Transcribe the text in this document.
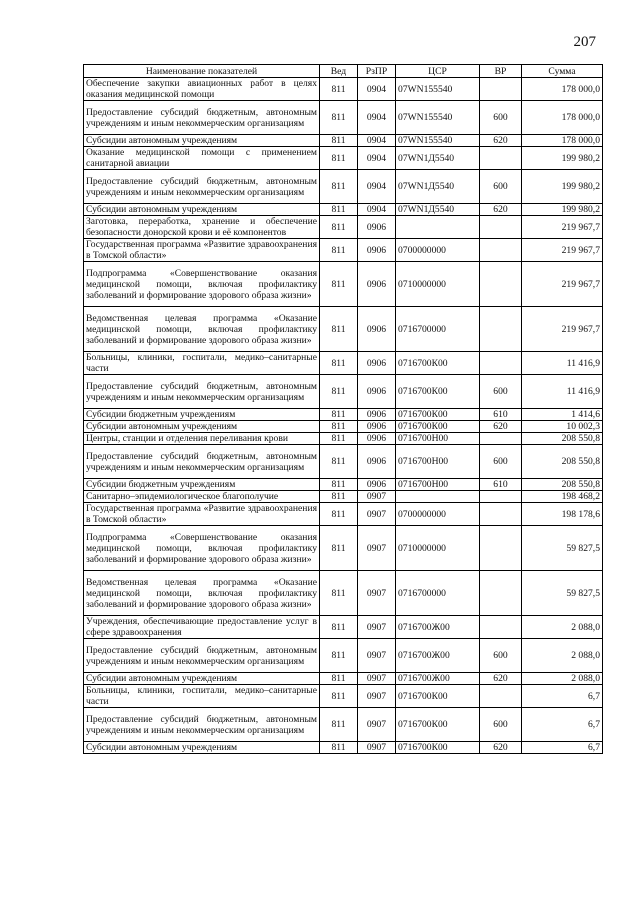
207
Наименование показателей	Вед	РзПР	ЦСР	ВР	Сумма
Обеспечение закупки авиационных работ в целях оказания медицинской помощи	811	0904	07WN155540		178 000,0
Предоставление субсидий бюджетным, автономным учреждениям и иным некоммерческим организациям	811	0904	07WN155540	600	178 000,0
Субсидии автономным учреждениям	811	0904	07WN155540	620	178 000,0
Оказание медицинской помощи с применением санитарной авиации	811	0904	07WN1Д5540		199 980,2
Предоставление субсидий бюджетным, автономным учреждениям и иным некоммерческим организациям	811	0904	07WN1Д5540	600	199 980,2
Субсидии автономным учреждениям	811	0904	07WN1Д5540	620	199 980,2
Заготовка, переработка, хранение и обеспечение безопасности донорской крови и её компонентов	811	0906			219 967,7
Государственная программа «Развитие здравоохранения в Томской области»	811	0906	0700000000		219 967,7
Подпрограмма «Совершенствование оказания медицинской помощи, включая профилактику заболеваний и формирование здорового образа жизни»	811	0906	0710000000		219 967,7
Ведомственная целевая программа «Оказание медицинской помощи, включая профилактику заболеваний и формирование здорового образа жизни»	811	0906	0716700000		219 967,7
Больницы, клиники, госпитали, медико–санитарные части	811	0906	0716700К00		11 416,9
Предоставление субсидий бюджетным, автономным учреждениям и иным некоммерческим организациям	811	0906	0716700К00	600	11 416,9
Субсидии бюджетным учреждениям	811	0906	0716700К00	610	1 414,6
Субсидии автономным учреждениям	811	0906	0716700К00	620	10 002,3
Центры, станции и отделения переливания крови	811	0906	0716700Н00		208 550,8
Предоставление субсидий бюджетным, автономным учреждениям и иным некоммерческим организациям	811	0906	0716700Н00	600	208 550,8
Субсидии бюджетным учреждениям	811	0906	0716700Н00	610	208 550,8
Санитарно–эпидемиологическое благополучие	811	0907			198 468,2
Государственная программа «Развитие здравоохранения в Томской области»	811	0907	0700000000		198 178,6
Подпрограмма «Совершенствование оказания медицинской помощи, включая профилактику заболеваний и формирование здорового образа жизни»	811	0907	0710000000		59 827,5
Ведомственная целевая программа «Оказание медицинской помощи, включая профилактику заболеваний и формирование здорового образа жизни»	811	0907	0716700000		59 827,5
Учреждения, обеспечивающие предоставление услуг в сфере здравоохранения	811	0907	0716700Ж00		2 088,0
Предоставление субсидий бюджетным, автономным учреждениям и иным некоммерческим организациям	811	0907	0716700Ж00	600	2 088,0
Субсидии автономным учреждениям	811	0907	0716700Ж00	620	2 088,0
Больницы, клиники, госпитали, медико–санитарные части	811	0907	0716700К00		6,7
Предоставление субсидий бюджетным, автономным учреждениям и иным некоммерческим организациям	811	0907	0716700К00	600	6,7
Субсидии автономным учреждениям	811	0907	0716700К00	620	6,7
